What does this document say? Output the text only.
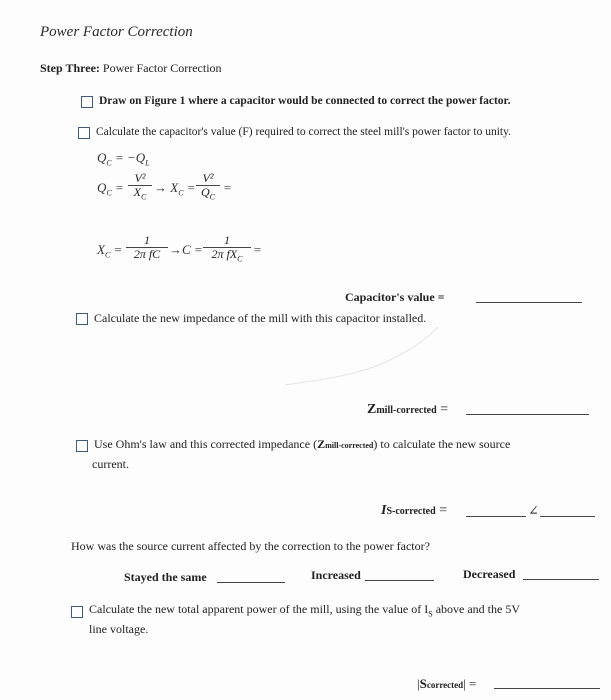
Power Factor Correction
Step Three: Power Factor Correction
Draw on Figure 1 where a capacitor would be connected to correct the power factor.
Calculate the capacitor's value (F) required to correct the steel mill's power factor to unity.
$Q_C = -Q_L$
$Q_C = \frac{\text{V²}}{X_C} \to X_C = \frac{\text{V²}}{Q_C}$ =
$X_C = \frac{1}{\text{2π fC}} \to C$ =
1
2π $fX_C$
=
Capacitor's value =
Calculate the new impedance of the mill with this capacitor installed.
Zmill-corrected =
Use Ohm's law and this corrected impedance (Zmill-corrected) to calculate the new source
current.
IS-corrected =	∠
How was the source current affected by the correction to the power factor?
Stayed the same	Increased	Decreased
Calculate the new total apparent power of the mill, using the value of $I_S$ above and the 5V
line voltage.
|Scorrected| =
